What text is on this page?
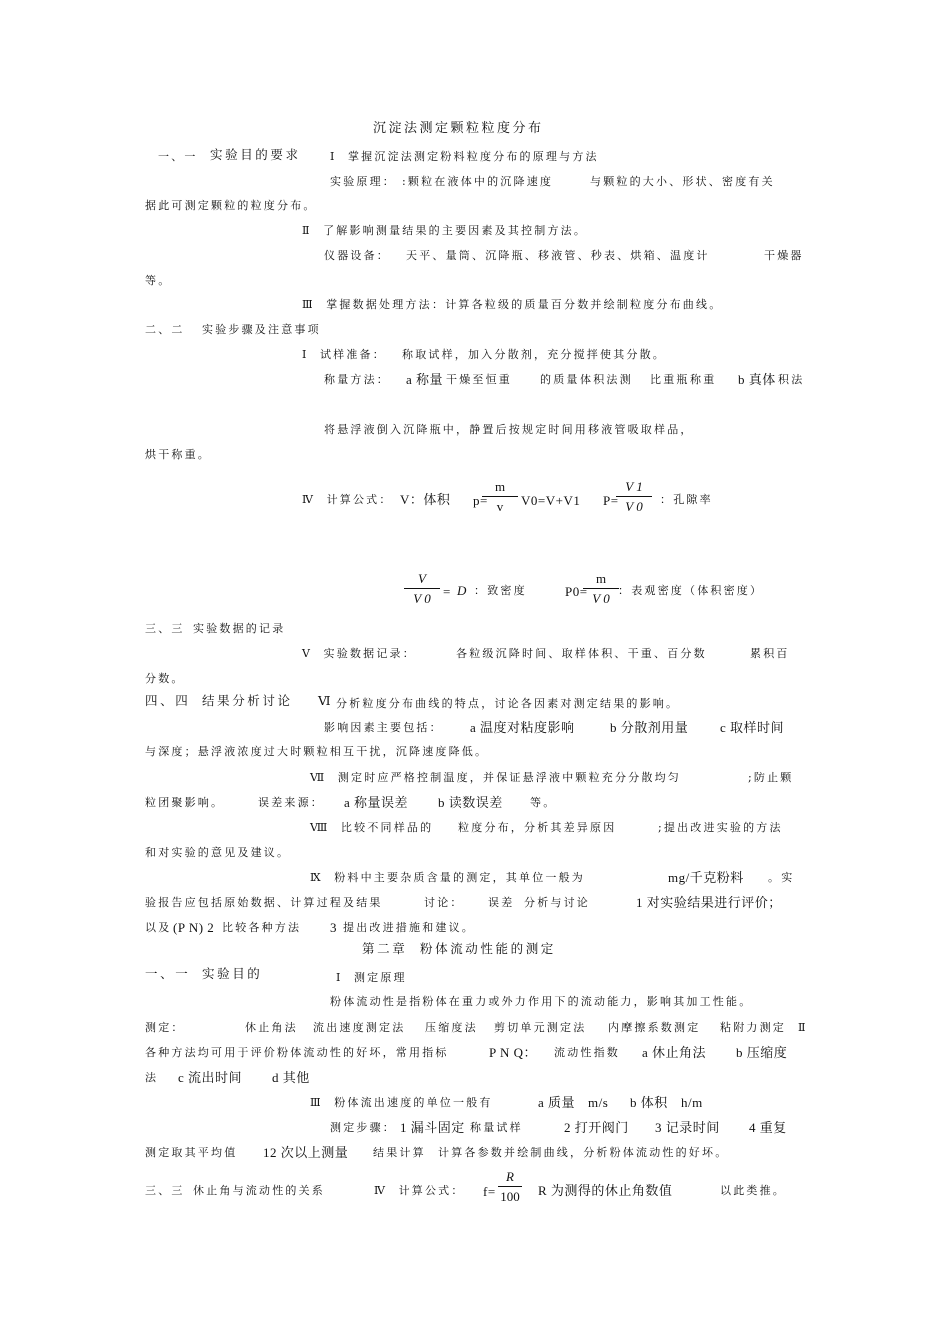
沉淀法测定颗粒粒度分布
一、一 实验目的要求	Ⅰ  掌握沉淀法测定粉料粒度分布的原理与方法
实验原理： :颗粒在液体中的沉降速度	与颗粒的大小、形状、密度有关
据此可测定颗粒的粒度分布。
Ⅱ  了解影响测量结果的主要因素及其控制方法。
仪器设备： 天平、量筒、沉降瓶、移液管、秒表、烘箱、温度计	干燥器
等。
Ⅲ  掌握数据处理方法 ：计算各粒级的质量百分数并绘制粒度分布曲线。
二、二 实验步骤及注意事项
Ⅰ  试样准备： 称取试样，加入分散剂，充分搅拌使其分散。
称量方法： a 称量 干燥至恒重	的质量 体积法测 比重瓶 称重 b 真体 积法
将悬浮液倒入沉降瓶中，静置后按规定时间用移液管吸取样品，
烘干称重。
Ⅳ  计算公式： V：体积 p=
m
v	V0=V+V1 P=
V 1
V 0	：孔隙率
V
V 0 = D ：致密度	P0=
m
V 0
：表观密度（体积密度）
三、三 实验数据的记录
Ⅴ  实验数据记录：	各粒级沉降时间、取样体积、干重、百分数	累积百
分数。
四、四 结果分析讨论 Ⅵ 分析粒度分布曲线的特点，讨论各因素对测定结果的影响。
影响因素主要包括： a 温度对粘度影响	b 分散剂用量 c 取样时间
与深度；悬浮液浓度过大时颗粒相互干扰，沉降速度降低。
Ⅶ  测定时应严格控制温度，并保证悬浮液中颗粒充分分散均匀	;防止颗
粒团聚影响。	误差来源： a 称量误差 b 读数误差 等。
Ⅷ  比较不同样品的 粒度分布，分析其差异原因	;提出改进实验的方法
和对实验的意见及建议。
Ⅸ  粉料中主要杂质含量的测定，其单位一般为	mg/千克粉料 。实
验报告应包括原始数据、计算过程及结果	讨论： 误差 分析与讨论	1 对实验结果进行评价；
以及 (P N) 2 比较各种方法 3 提出改进措施和建议。
第二章 粉体流动性能的测定
一、一 实验目的	Ⅰ  测定原理
粉体流动性是指粉体在重力或外力作用下的流动能力，影响其加工性能。
测定：	休止角法 流出速度测定法 压缩度法 剪切单元测定法 内摩擦系数测定 粘附力测定 Ⅱ
各种方法均可用于评价粉体流动性的好坏，常用指标	P N Q： 流动性指数 a 休止角法 b 压缩度
法 c 流出时间 d 其他
Ⅲ  粉体流出速度的单位一般有	a 质量 m/s b 体积 h/m
测定步骤： 1 漏斗固定 称量试样	2 打开阀门 3 记录时间 4 重复
测定取其平均值 12 次以上测量 结果计算 计算各参数并绘制曲线，分析粉体流动性的好坏。
三、三 休止角与流动性的关系	Ⅳ  计算公式： f=
R
100	R 为测得的休止角数值	以此类推。
